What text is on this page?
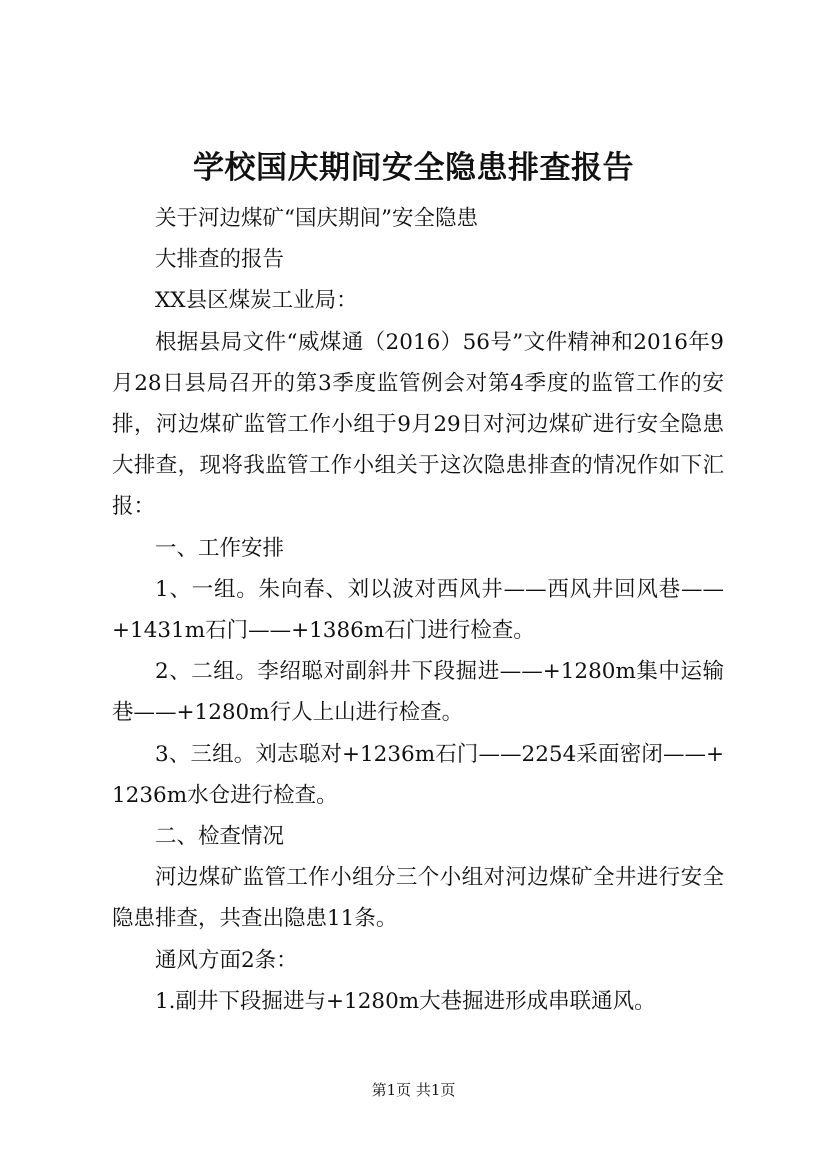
学校国庆期间安全隐患排查报告

关于河边煤矿“国庆期间”安全隐患

大排查的报告

XX县区煤炭工业局：

根据县局文件“威煤通（2016）56号”文件精神和2016年9月28日县局召开的第3季度监管例会对第4季度的监管工作的安排，河边煤矿监管工作小组于9月29日对河边煤矿进行安全隐患大排查，现将我监管工作小组关于这次隐患排查的情况作如下汇报：

一、工作安排

1、一组。朱向春、刘以波对西风井——西风井回风巷——+1431m石门——+1386m石门进行检查。

2、二组。李绍聪对副斜井下段掘进——+1280m集中运输巷——+1280m行人上山进行检查。

3、三组。刘志聪对+1236m石门——2254采面密闭——+1236m水仓进行检查。

二、检查情况

河边煤矿监管工作小组分三个小组对河边煤矿全井进行安全隐患排查，共查出隐患11条。

通风方面2条：

1.副井下段掘进与+1280m大巷掘进形成串联通风。

第1页 共1页
